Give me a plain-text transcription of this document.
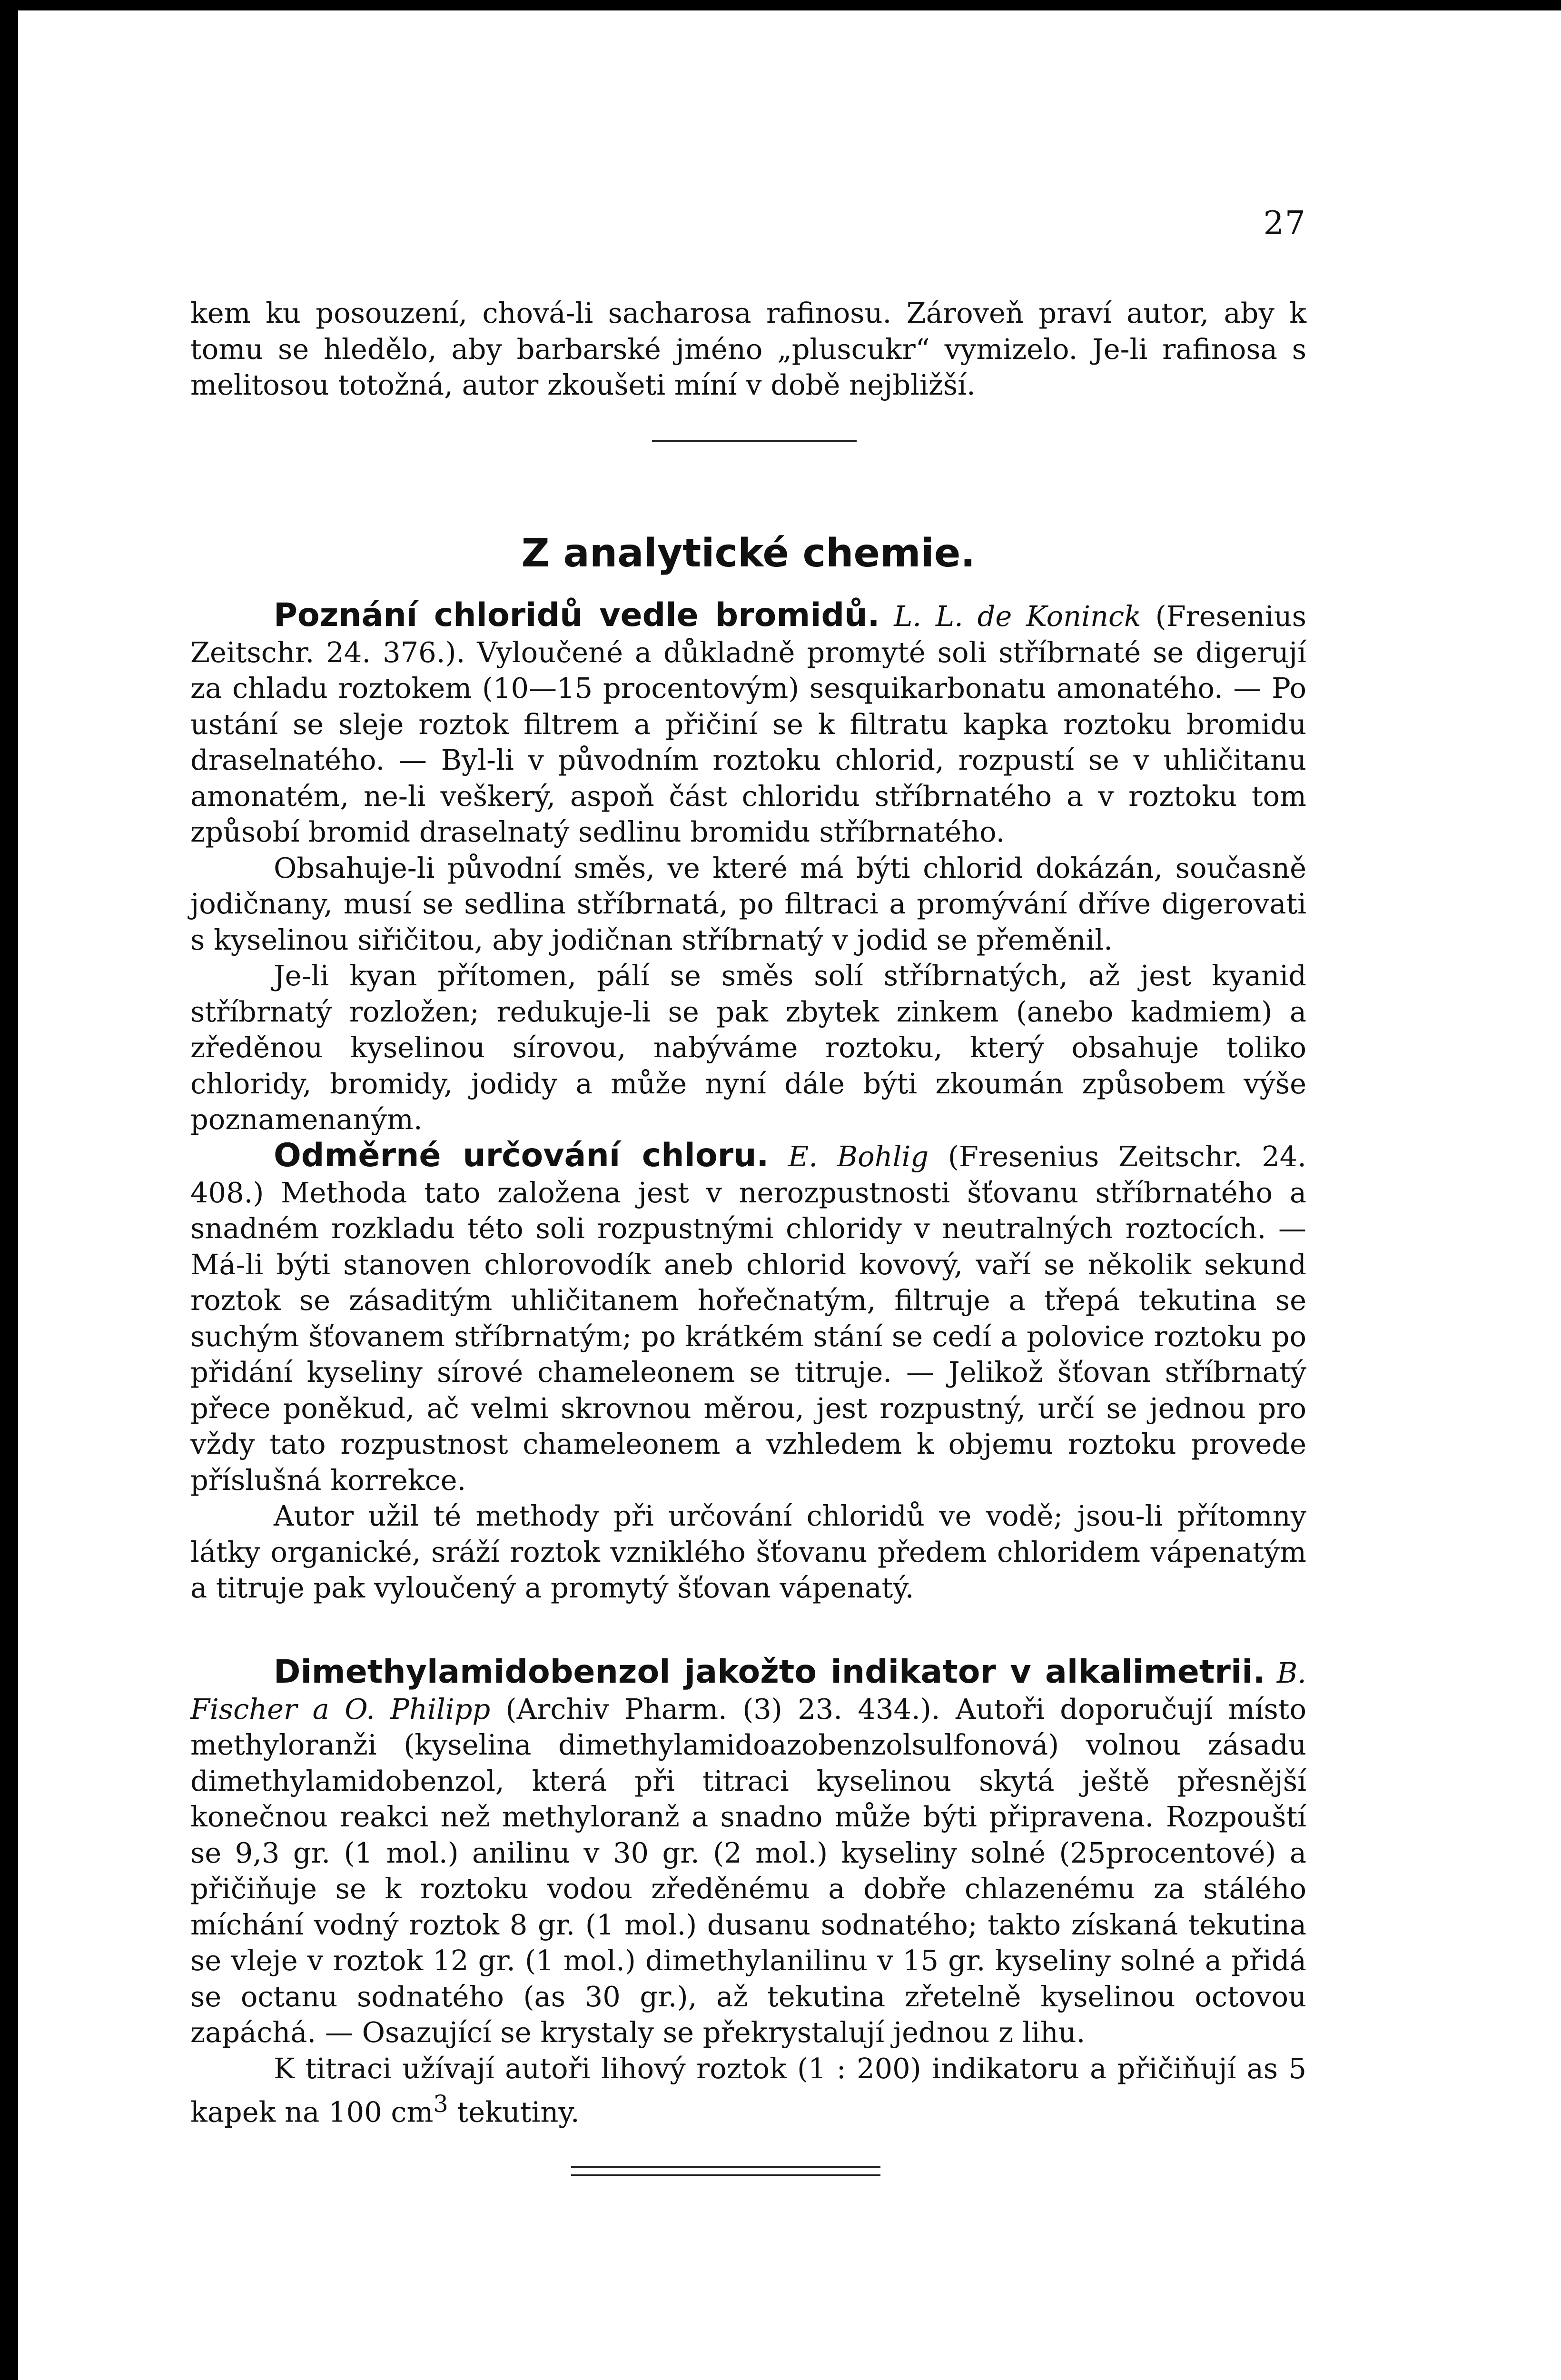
27

kem ku posouzení, chová-li sacharosa rafinosu. Zároveň praví autor, aby k tomu se hledělo, aby barbarské jméno „pluscukr“ vymizelo. Je-li rafinosa s melitosou totožná, autor zkoušeti míní v době nejbližší.

Z analytické chemie.

Poznání chloridů vedle bromidů. L. L. de Koninck (Fresenius Zeitschr. 24. 376.). Vyloučené a důkladně promyté soli stříbrnaté se digerují za chladu roztokem (10—15 procentovým) sesquikarbonatu amonatého. — Po ustání se sleje roztok filtrem a přičiní se k filtratu kapka roztoku bromidu draselnatého. — Byl-li v původním roztoku chlorid, rozpustí se v uhličitanu amonatém, ne-li veškerý, aspoň část chloridu stříbrnatého a v roztoku tom způsobí bromid draselnatý sedlinu bromidu stříbrnatého.

Obsahuje-li původní směs, ve které má býti chlorid dokázán, současně jodičnany, musí se sedlina stříbrnatá, po filtraci a promývání dříve digerovati s kyselinou siřičitou, aby jodičnan stříbrnatý v jodid se přeměnil.

Je-li kyan přítomen, pálí se směs solí stříbrnatých, až jest kyanid stříbrnatý rozložen; redukuje-li se pak zbytek zinkem (anebo kadmiem) a zředěnou kyselinou sírovou, nabýváme roztoku, který obsahuje toliko chloridy, bromidy, jodidy a může nyní dále býti zkoumán způsobem výše poznamenaným.

Odměrné určování chloru. E. Bohlig (Fresenius Zeitschr. 24. 408.) Methoda tato založena jest v nerozpustnosti šťovanu stříbrnatého a snadném rozkladu této soli rozpustnými chloridy v neutralných roztocích. — Má-li býti stanoven chlorovodík aneb chlorid kovový, vaří se několik sekund roztok se zásaditým uhličitanem hořečnatým, filtruje a třepá tekutina se suchým šťovanem stříbrnatým; po krátkém stání se cedí a polovice roztoku po přidání kyseliny sírové chameleonem se titruje. — Jelikož šťovan stříbrnatý přece poněkud, ač velmi skrovnou měrou, jest rozpustný, určí se jednou pro vždy tato rozpustnost chameleonem a vzhledem k objemu roztoku provede příslušná korrekce.

Autor užil té methody při určování chloridů ve vodě; jsou-li přítomny látky organické, sráží roztok vzniklého šťovanu předem chloridem vápenatým a titruje pak vyloučený a promytý šťovan vápenatý.

Dimethylamidobenzol jakožto indikator v alkalimetrii. B. Fischer a O. Philipp (Archiv Pharm. (3) 23. 434.). Autoři doporučují místo methyloranži (kyselina dimethylamidoazobenzolsulfonová) volnou zásadu dimethylamidobenzol, která při titraci kyselinou skytá ještě přesnější konečnou reakci než methyloranž a snadno může býti připravena. Rozpouští se 9,3 gr. (1 mol.) anilinu v 30 gr. (2 mol.) kyseliny solné (25procentové) a přičiňuje se k roztoku vodou zředěnému a dobře chlazenému za stálého míchání vodný roztok 8 gr. (1 mol.) dusanu sodnatého; takto získaná tekutina se vleje v roztok 12 gr. (1 mol.) dimethylanilinu v 15 gr. kyseliny solné a přidá se octanu sodnatého (as 30 gr.), až tekutina zřetelně kyselinou octovou zapáchá. — Osazující se krystaly se překrystalují jednou z lihu.

K titraci užívají autoři lihový roztok (1 : 200) indikatoru a přičiňují as 5 kapek na 100 $cm^3$ tekutiny.
